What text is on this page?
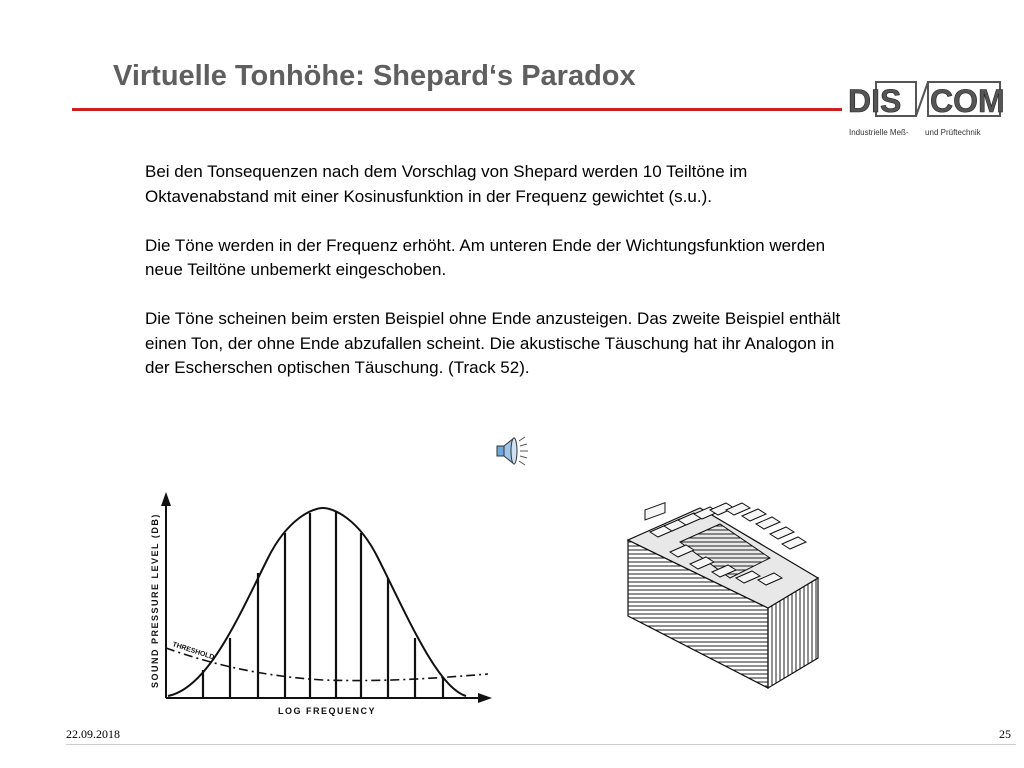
Virtuelle Tonhöhe: Shepard‘s Paradox
DIS COM
Industrielle Meß- und Prüftechnik

Bei den Tonsequenzen nach dem Vorschlag von Shepard werden 10 Teiltöne im Oktavenabstand mit einer Kosinusfunktion in der Frequenz gewichtet (s.u.).

Die Töne werden in der Frequenz erhöht. Am unteren Ende der Wichtungsfunktion werden neue Teiltöne unbemerkt eingeschoben.

Die Töne scheinen beim ersten Beispiel ohne Ende anzusteigen. Das zweite Beispiel enthält einen Ton, der ohne Ende abzufallen scheint. Die akustische Täuschung hat ihr Analogon in der Escherschen optischen Täuschung. (Track 52).

SOUND PRESSURE LEVEL (DB)
LOG FREQUENCY
THRESHOLD
22.09.2018	25
